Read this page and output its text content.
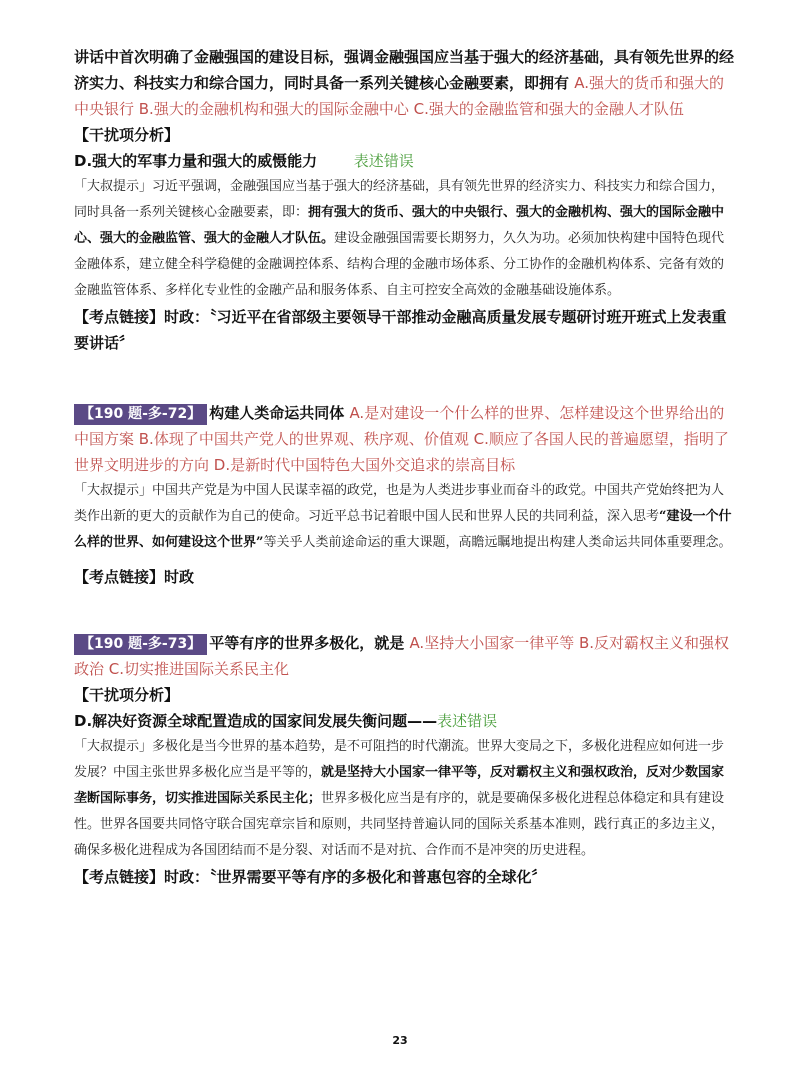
讲话中首次明确了金融强国的建设目标，强调金融强国应当基于强大的经济基础，具有领先世界的经济实力、科技实力和综合国力，同时具备一系列关键核心金融要素，即拥有 A.强大的货币和强大的中央银行 B.强大的金融机构和强大的国际金融中心 C.强大的金融监管和强大的金融人才队伍
【干扰项分析】
D.强大的军事力量和强大的威慑能力 表述错误
「大叔提示」习近平强调，金融强国应当基于强大的经济基础，具有领先世界的经济实力、科技实力和综合国力，同时具备一系列关键核心金融要素，即：拥有强大的货币、强大的中央银行、强大的金融机构、强大的国际金融中心、强大的金融监管、强大的金融人才队伍。建设金融强国需要长期努力，久久为功。必须加快构建中国特色现代金融体系，建立健全科学稳健的金融调控体系、结构合理的金融市场体系、分工协作的金融机构体系、完备有效的金融监管体系、多样化专业性的金融产品和服务体系、自主可控安全高效的金融基础设施体系。
【考点链接】时政：〝习近平在省部级主要领导干部推动金融高质量发展专题研讨班开班式上发表重要讲话〞
【190 题-多-72】 构建人类命运共同体 A.是对建设一个什么样的世界、怎样建设这个世界给出的中国方案 B.体现了中国共产党人的世界观、秩序观、价值观 C.顺应了各国人民的普遍愿望，指明了世界文明进步的方向 D.是新时代中国特色大国外交追求的崇高目标
「大叔提示」中国共产党是为中国人民谋幸福的政党，也是为人类进步事业而奋斗的政党。中国共产党始终把为人类作出新的更大的贡献作为自己的使命。习近平总书记着眼中国人民和世界人民的共同利益，深入思考“建设一个什么样的世界、如何建设这个世界”等关乎人类前途命运的重大课题，高瞻远瞩地提出构建人类命运共同体重要理念。
【考点链接】时政
【190 题-多-73】 平等有序的世界多极化，就是 A.坚持大小国家一律平等 B.反对霸权主义和强权政治 C.切实推进国际关系民主化
【干扰项分析】
D.解决好资源全球配置造成的国家间发展失衡问题——表述错误
「大叔提示」多极化是当今世界的基本趋势，是不可阻挡的时代潮流。世界大变局之下，多极化进程应如何进一步发展？中国主张世界多极化应当是平等的，就是坚持大小国家一律平等，反对霸权主义和强权政治，反对少数国家垄断国际事务，切实推进国际关系民主化；世界多极化应当是有序的，就是要确保多极化进程总体稳定和具有建设性。世界各国要共同恪守联合国宪章宗旨和原则，共同坚持普遍认同的国际关系基本准则，践行真正的多边主义，确保多极化进程成为各国团结而不是分裂、对话而不是对抗、合作而不是冲突的历史进程。
【考点链接】时政：〝世界需要平等有序的多极化和普惠包容的全球化〞
23
